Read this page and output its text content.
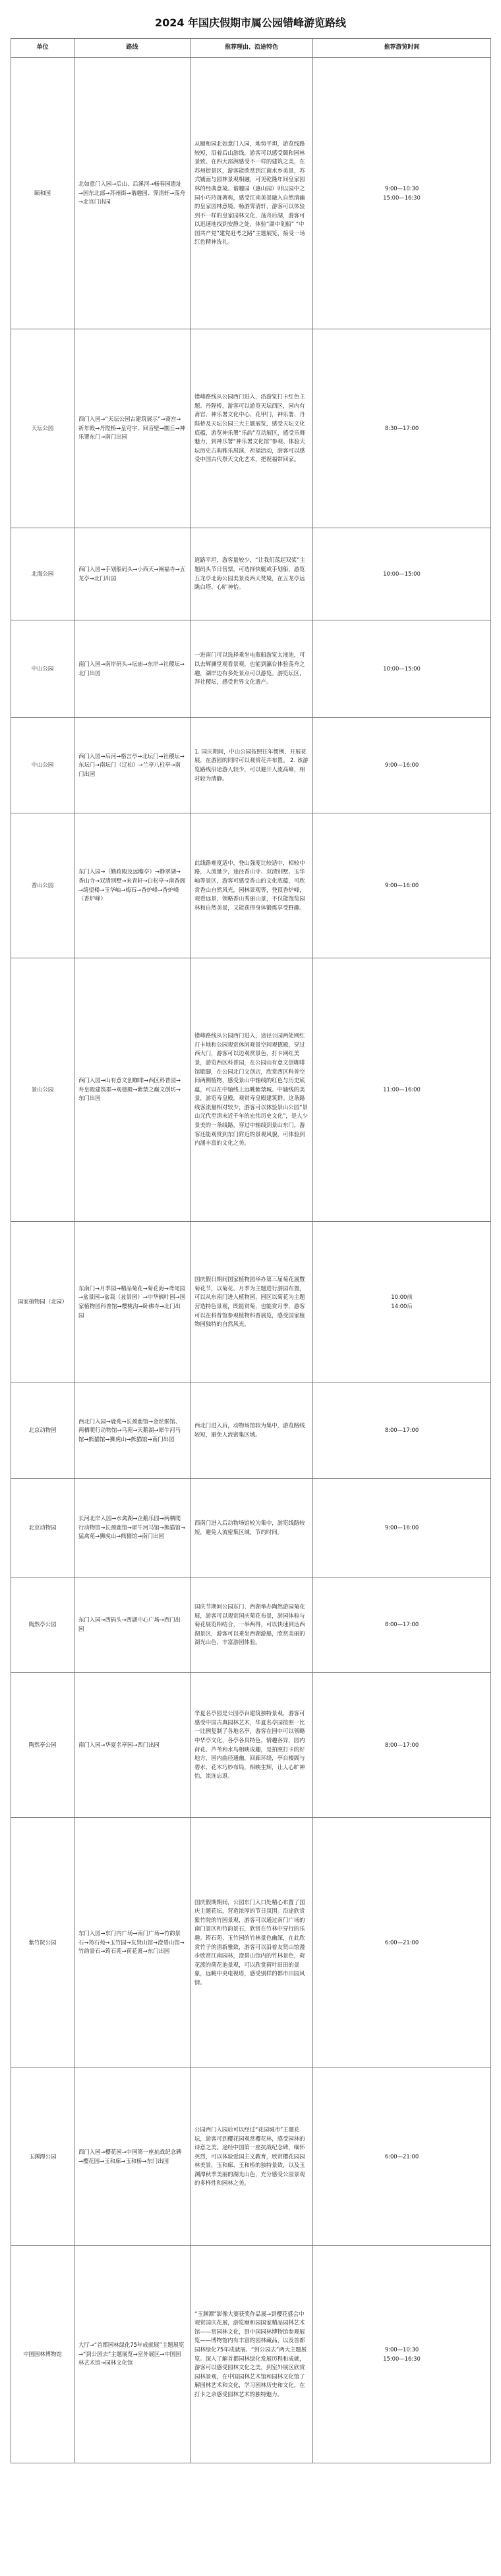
2024 年国庆假期市属公园错峰游览路线
单位	路线	推荐理由、沿途特色	推荐游览时间
颐和园	北如意门入园→后山、后溪河→畅春园遗址→园东北部→苏州街→谐趣园、霁清轩→荡舟→北宫门出园	从颐和园北如意门入园，地势平坦，游览线路较短，沿着后山游线，游客可以感受颐和园林景致。在四大部洲感受不一样的建筑之美，在苏州街景区，游客能欣赏到江南水乡美景，苏式铺面与园林景观相融，可见乾隆年间皇家园林的经典意境。谐趣园（惠山园）则以园中之园小巧玲珑著称，感受江南美景融入自然清幽的皇家园林意境，畅游霁清轩，游客可以体验到不一样的皇家园林文化，荡舟后湖，游客可以迅速地找到安静之处，体验“湖中划船” “中国共产党”建党赶考之路”主题展览，接受一场红色精神洗礼。	9:00—10:30
15:00—16:30
天坛公园	西门入园→“天坛公园古建筑展示”→斋宫→祈年殿→丹陛桥→皇穹宇、回音壁→圜丘→神乐署东门→南门出园	错峰路线从公园西门进入，沿游览打卡红色主题、丹陛桥，游客可以游览天坛西区，园内有斋宫、神乐署文化中心、花甲门，神乐署、丹陛桥及天坛公园三大主题展览，感受天坛文化底蕴，游览神乐署“乐韵”互动展区，感受乐舞魅力，到神乐署“神乐署文化馆”参观、体验天坛历史古典雅乐展演，祈福活动，游客可以感受中国古代祭天文化艺术，把祝福带回家。	8:30—17:00
北海公园	西门入园→手划船码头→小西天→阐福寺→五龙亭→北门出园	道路平坦，游客量较少，“让我们荡起双桨”主题码头节日售票，可选择快艇或手划船，游览五龙亭北海公园美景及西天梵境，在五龙亭远眺白塔、心旷神怡。	10:00—15:00
中山公园	南门入园→南岸码头→坛庙→东岸→社稷坛→北门出园	一进南门可以选择乘坐电瓶船游览太液池，可以去辉澜堂观看景观，也能到瀛台体验荡舟之趣，湖岸边有多处景点可以游览。游览坛区，拜社稷坛，感受世界文化遗产。	10:00—15:00
中山公园	西门入园→后河→格言亭→北坛门→社稷坛→东坛门→南坛门（辽柏）→兰亭八柱亭→南门出园	1. 国庆期间，中山公园按照往年惯例，开展花展，在游园的同时可以观赏花卉布置。 2. 该游览路线沿途游人较少，可以避开人流高峰，相对较为清静。	9:00—16:00
香山公园	东门入园→（勤政殿及远瞻亭）→静翠湖→香山寺→双清别墅→来青轩→白松亭→南香阁→绮望楼→玉华岫→梅石→香炉峰→香炉峰（香炉峰）	此线路难度适中，登山强度比较适中，相较中路，人流量少，途径香山寺、双清别墅、玉华岫等景区，游客可感受香山的文化底蕴，可欣赏香山自然风光，园林景观等，登顶香炉峰，观看远景，领略香山秀丽山景，不仅能饱览园林和自然美景，又能获得身体锻炼享受野趣。	9:00—16:00
景山公园	西门入园→山有意文创咖啡→西区科普园→寿皇殿建筑群→观德殿→紫禁之巅文创坊→东门出园	错峰路线从公园西门进入，途径公园两处网红打卡地和公园观赏休闲观景空间观德殿，穿过西大门，游客可以边观赏景色，打卡网红美景，游览西区科普园，在公园山有意文创咖啡馆歇脚，在公园北门文创店，欣赏西区科普空间两侧植物，感受景山中轴线的红色与历史底蕴，可以在中轴线上远眺紫禁城、中轴线的美景，游览寿皇殿，观赏寿皇殿建筑群。这条路线客流量相对较少，游客可以体验景山公园“景山元代至清末近千年的宏伟历史文化”，是人少景美的一条线路，穿过中轴线到景山东门，游客还能观赏到东门附近的景观风貌，可体验到内涵丰富的文化之美。	11:00—16:00
国家植物园（北园）	东南门→月季园→精品菊花→菊花海→鸢尾园→盆景园→盆栽（盆景园）→中华枫叶园→国家植物园科普馆→樱桃沟→卧佛寺→北门出园	国庆假日期间国家植物园举办第三届菊花展暨菊花节，以菊花、月季为主题进行游园布置，可以从东南门进入植物园，园区以菊花为主题营造特色景观，既能赏菊，也能赏月季，游客可以在科普馆参观植物科普展览，感受国家植物园独特的自然风光。	10:00前
14:00后
北京动物园	西北门入园→鹿苑→长颈鹿馆→金丝猴馆、两栖爬行动物馆→乌苑→天鹅湖→犀牛河马馆→熊猫馆→狮虎山→熊猫馆→南门出园	西北门进入后，动物场馆较为集中，游览路线较短，避免人流密集区域。	8:00—17:00
北京动物园	长河北岸入园→水禽湖→企鹅乐园→两栖爬行动物馆→长颈鹿馆→犀牛河马馆→熊猫馆→猛禽苑→狮虎山→熊猫馆→南门出园	西南门进入后动物场馆较为集中，游览线路较短，避免人流密集区域，节约时间。	9:00—16:00
陶然亭公园	东门入园→西码头→西湖中心广场→西门出园	国庆节期间公园东门、西湖举办陶然游园菊花展，游客可以观赏国庆菊花布景，游园体验与菊花展览相结合，一举两得，可以快速到达西湖景区，游客可以乘坐西湖游船，欣赏美丽的湖光山色，丰富游园体验。	8:00—17:00
陶然亭公园	南门入园→华夏名亭园→西门出园	华夏名亭园是公园亭台建筑独特景观，游客可感受中国古典园林艺术，华夏名亭园按照一比一比例复制了各地名亭，游客在园中可以领略中华亭文化，各亭各具特色，情趣各异，园内荷花、芦苇和水鸟相映成趣，是拍照打卡的好地方，园内曲径通幽，回廊环绕，亭台楼阁与碧水、花木巧妙布局，相映生辉，让人心旷神怡，流连忘返。	8:00—17:00
紫竹院公园	东门入园→东门内广场→南门广场→竹韵景石→筠石苑→玉竹园→友贤山馆→澄碧山馆→竹韵景石→筠石苑→荷花渡→东门出园	国庆假期期间，公园东门入口处精心布置了国庆主题花坛，营造浓厚的节日氛围。沿途欣赏紫竹院的竹园景观，游客可以通过南门广场的南门景区和竹韵景石，欣赏在竹林中穿行的乐趣。筠石苑、玉竹园的竹林景色幽深，在此欣赏竹子的清新雅致，游客可以沿着友贤山馆漫步欣赏江南园林，澄碧山馆内的竹林景色，荷花渡的荷花池景观，可以欣赏荷叶田田的景象，远眺中央电视塔，感受别样的都市田园风情。	6:00—21:00
玉渊潭公园	西门入园→樱花园→中国第一座抗战纪念碑→樱花园→玉和廊→玉和桥→东门出园	公园西门入园后可以经过“花园城市”主题花坛，游客可到樱花园观赏樱花林，感受园林的诗意之美。途经中国第一座抗战纪念碑，缅怀英烈，可以体验爱国主义教育，欣赏樱花园园林美景，玉和廊、玉和桥的独特景致，以及玉渊潭秋季美丽的湖光山色，充分感受公园景观的多样性和园林之美。	6:00—21:00
中国园林博物馆	大厅→“首都园林绿化75年成就展”主题展览→“到公园去”主题展览→室外展区→中国园林艺术馆→园林文化馆	“玉渊潭”影像大赛获奖作品展→到樱花盛会中观赏国庆花展，游览颐和园国家精品园林艺术馆——赏园林文化，到中国园林博物馆参观展览——博物馆内有丰富的园林藏品，以及首都园林绿化75年成就展、“到公园去”两大主题展览。深入了解首都园林绿化发展历程和成就，游客可以感受园林文化之美，到室外展区欣赏园林景观，在中国园林艺术馆和园林文化馆了解园林艺术和文化，学习园林历史和文化，在打卡之余感受园林艺术的独特魅力。	9:00—10:30
15:00—16:30
